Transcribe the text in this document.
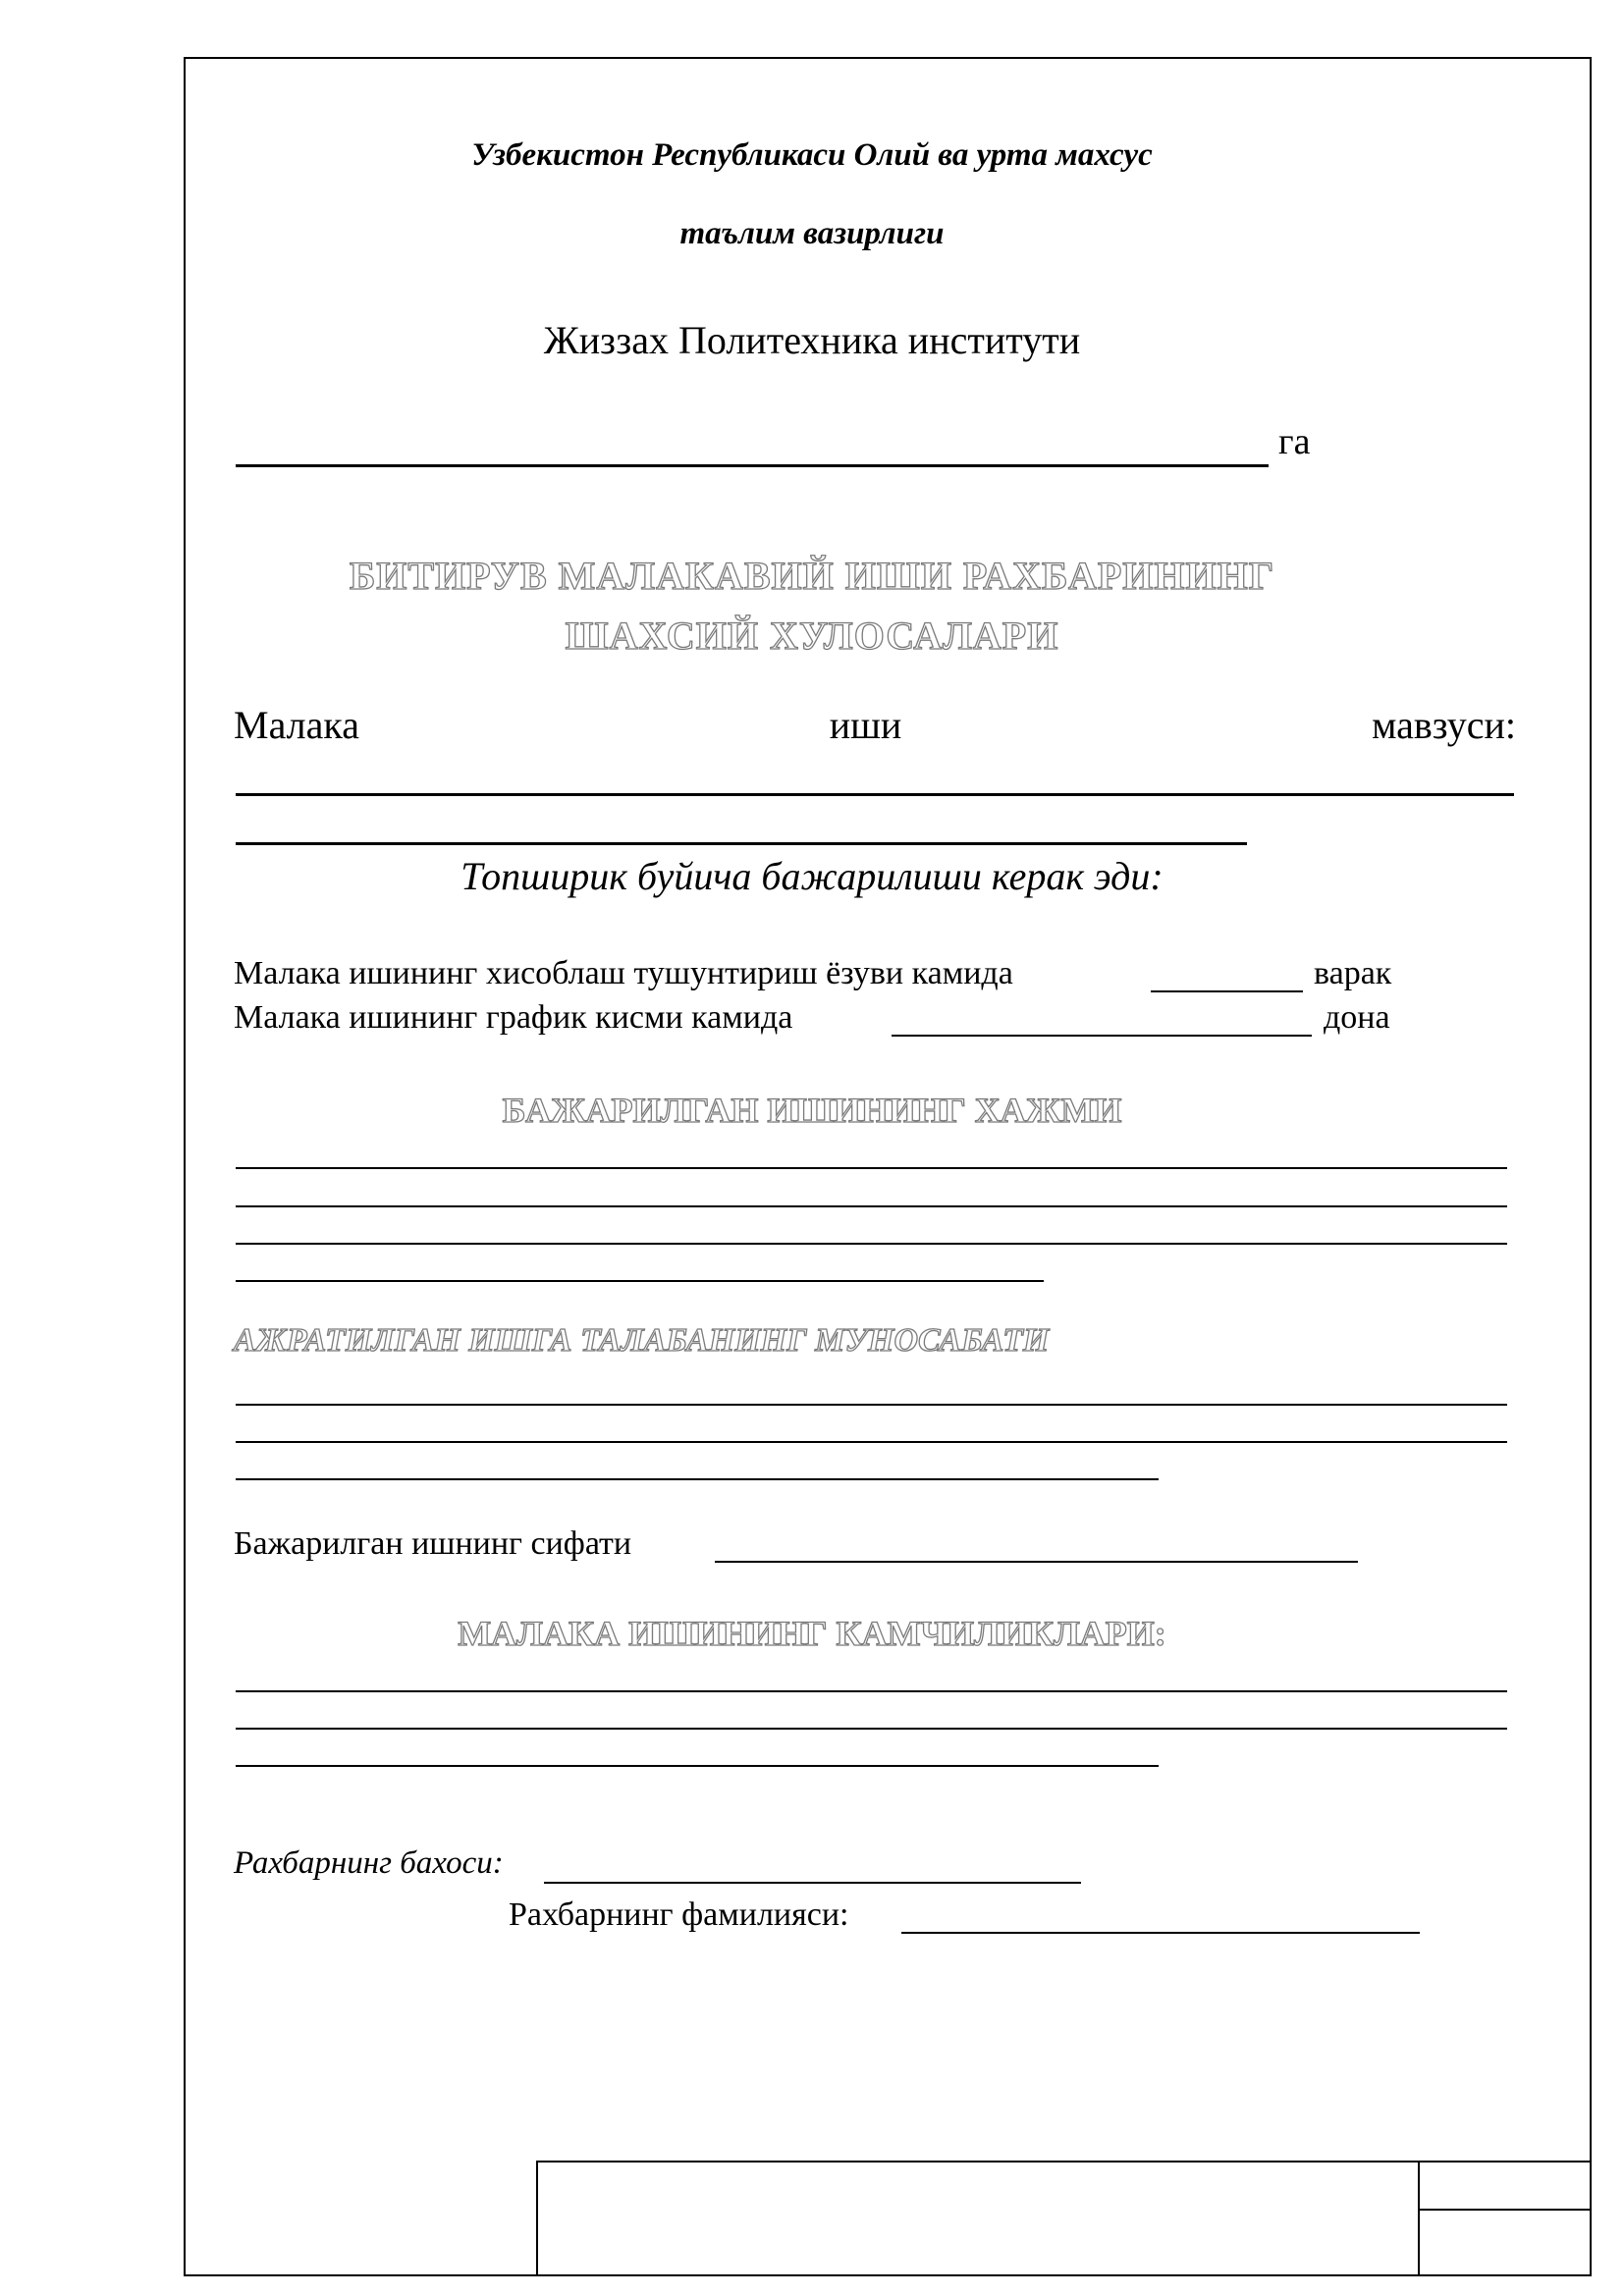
Узбекистон Республикаси Олий ва урта махсус
таълим вазирлиги
Жиззах Политехника институти
га
БИТИРУВ МАЛАКАВИЙ ИШИ РАХБАРИНИНГ
ШАХСИЙ ХУЛОСАЛАРИ
Малака	иши	мавзуси:
Топширик буйича бажарилиши керак эди:
Малака ишининг хисоблаш тушунтириш ёзуви камида	варак
Малака ишининг график кисми камида	дона
БАЖАРИЛГАН ИШИНИНГ ХАЖМИ
АЖРАТИЛГАН ИШГА ТАЛАБАНИНГ МУНОСАБАТИ
Бажарилган ишнинг сифати
МАЛАКА ИШИНИНГ КАМЧИЛИКЛАРИ:
Рахбарнинг бахоси:
Рахбарнинг фамилияси:
